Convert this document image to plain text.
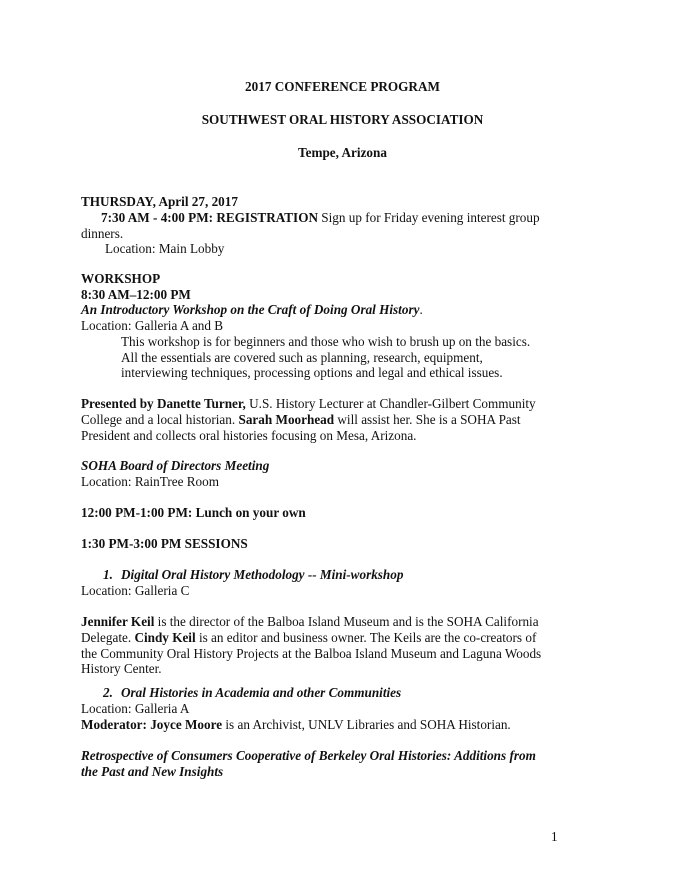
2017 CONFERENCE PROGRAM
SOUTHWEST ORAL HISTORY ASSOCIATION
Tempe, Arizona
THURSDAY, April 27, 2017
7:30 AM - 4:00 PM: REGISTRATION Sign up for Friday evening interest group
dinners.
Location: Main Lobby
WORKSHOP
8:30 AM–12:00 PM
An Introductory Workshop on the Craft of Doing Oral History.
Location: Galleria A and B
This workshop is for beginners and those who wish to brush up on the basics.
All the essentials are covered such as planning, research, equipment,
interviewing techniques, processing options and legal and ethical issues.
Presented by Danette Turner, U.S. History Lecturer at Chandler-Gilbert Community
College and a local historian. Sarah Moorhead will assist her. She is a SOHA Past
President and collects oral histories focusing on Mesa, Arizona.
SOHA Board of Directors Meeting
Location: RainTree Room
12:00 PM-1:00 PM: Lunch on your own
1:30 PM-3:00 PM SESSIONS
1. Digital Oral History Methodology -- Mini-workshop
Location: Galleria C
Jennifer Keil is the director of the Balboa Island Museum and is the SOHA California
Delegate. Cindy Keil is an editor and business owner. The Keils are the co-creators of
the Community Oral History Projects at the Balboa Island Museum and Laguna Woods
History Center.
2. Oral Histories in Academia and other Communities
Location: Galleria A
Moderator: Joyce Moore is an Archivist, UNLV Libraries and SOHA Historian.
Retrospective of Consumers Cooperative of Berkeley Oral Histories: Additions from
the Past and New Insights
1
